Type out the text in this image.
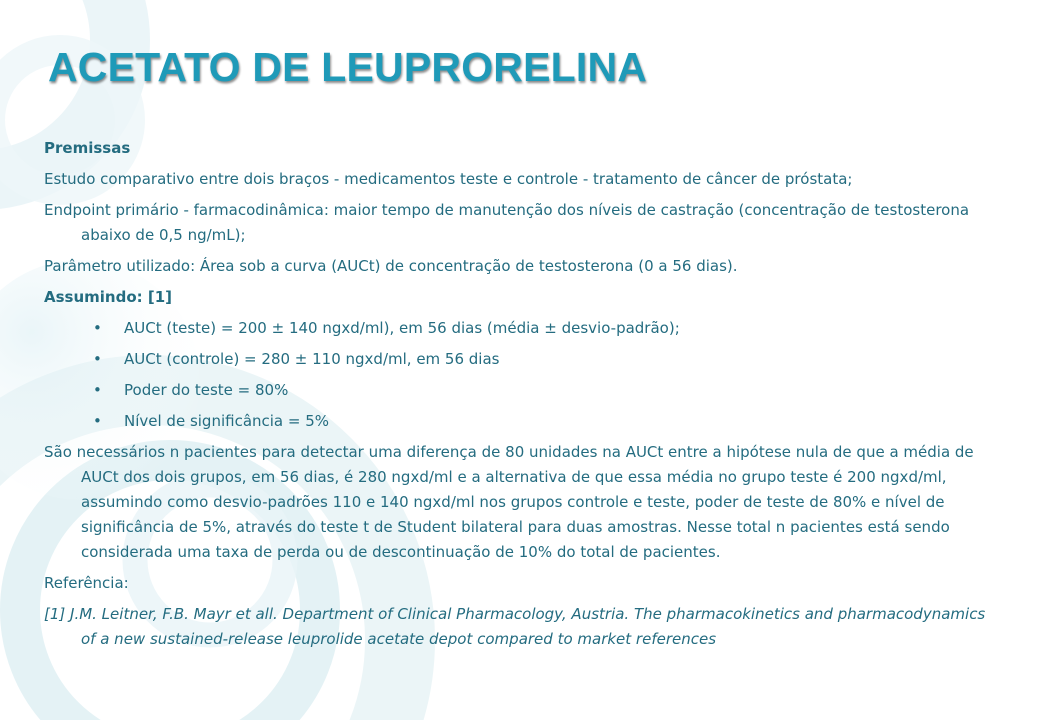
ACETATO DE LEUPRORELINA

Premissas

Estudo comparativo entre dois braços - medicamentos teste e controle - tratamento de câncer de próstata;

Endpoint primário - farmacodinâmica: maior tempo de manutenção dos níveis de castração (concentração de testosterona abaixo de 0,5 ng/mL);

Parâmetro utilizado: Área sob a curva (AUCt) de concentração de testosterona (0 a 56 dias).

Assumindo: [1]

• AUCt (teste) = 200 ± 140 ngxd/ml), em 56 dias (média ± desvio-padrão);
• AUCt (controle) = 280 ± 110 ngxd/ml, em 56 dias
• Poder do teste = 80%
• Nível de significância = 5%

São necessários n pacientes para detectar uma diferença de 80 unidades na AUCt entre a hipótese nula de que a média de AUCt dos dois grupos, em 56 dias, é 280 ngxd/ml e a alternativa de que essa média no grupo teste é 200 ngxd/ml, assumindo como desvio-padrões 110 e 140 ngxd/ml nos grupos controle e teste, poder de teste de 80% e nível de significância de 5%, através do teste t de Student bilateral para duas amostras. Nesse total n pacientes está sendo considerada uma taxa de perda ou de descontinuação de 10% do total de pacientes.

Referência:

[1] J.M. Leitner, F.B. Mayr et all. Department of Clinical Pharmacology, Austria. The pharmacokinetics and pharmacodynamics of a new sustained-release leuprolide acetate depot compared to market references
